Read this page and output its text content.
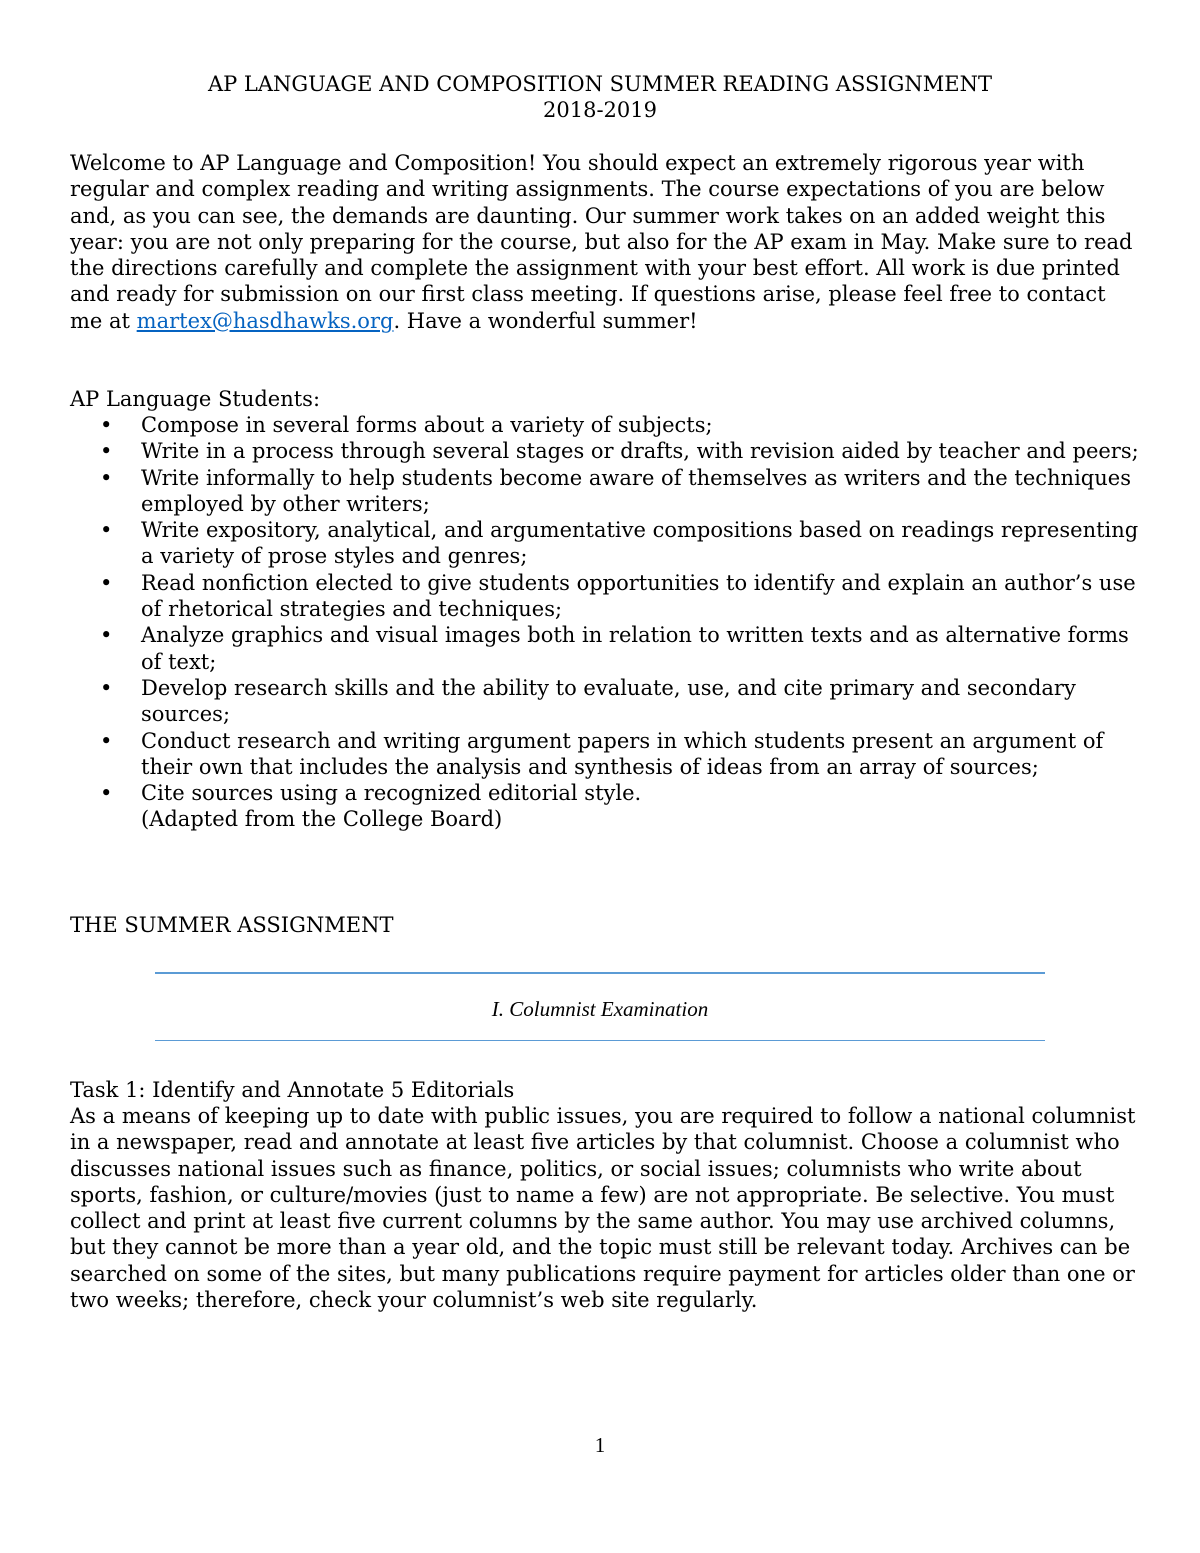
AP LANGUAGE AND COMPOSITION SUMMER READING ASSIGNMENT
2018-2019

Welcome to AP Language and Composition! You should expect an extremely rigorous year with regular and complex reading and writing assignments. The course expectations of you are below and, as you can see, the demands are daunting. Our summer work takes on an added weight this year: you are not only preparing for the course, but also for the AP exam in May. Make sure to read the directions carefully and complete the assignment with your best effort. All work is due printed and ready for submission on our first class meeting. If questions arise, please feel free to contact me at martex@hasdhawks.org. Have a wonderful summer!

AP Language Students:

• Compose in several forms about a variety of subjects;
• Write in a process through several stages or drafts, with revision aided by teacher and peers;
• Write informally to help students become aware of themselves as writers and the techniques employed by other writers;
• Write expository, analytical, and argumentative compositions based on readings representing a variety of prose styles and genres;
• Read nonfiction elected to give students opportunities to identify and explain an author’s use of rhetorical strategies and techniques;
• Analyze graphics and visual images both in relation to written texts and as alternative forms of text;
• Develop research skills and the ability to evaluate, use, and cite primary and secondary sources;
• Conduct research and writing argument papers in which students present an argument of their own that includes the analysis and synthesis of ideas from an array of sources;
• Cite sources using a recognized editorial style.
(Adapted from the College Board)
THE SUMMER ASSIGNMENT
I. Columnist Examination

Task 1: Identify and Annotate 5 Editorials

As a means of keeping up to date with public issues, you are required to follow a national columnist in a newspaper, read and annotate at least five articles by that columnist. Choose a columnist who discusses national issues such as finance, politics, or social issues; columnists who write about sports, fashion, or culture/movies (just to name a few) are not appropriate. Be selective. You must collect and print at least five current columns by the same author. You may use archived columns, but they cannot be more than a year old, and the topic must still be relevant today. Archives can be searched on some of the sites, but many publications require payment for articles older than one or two weeks; therefore, check your columnist’s web site regularly.

1
